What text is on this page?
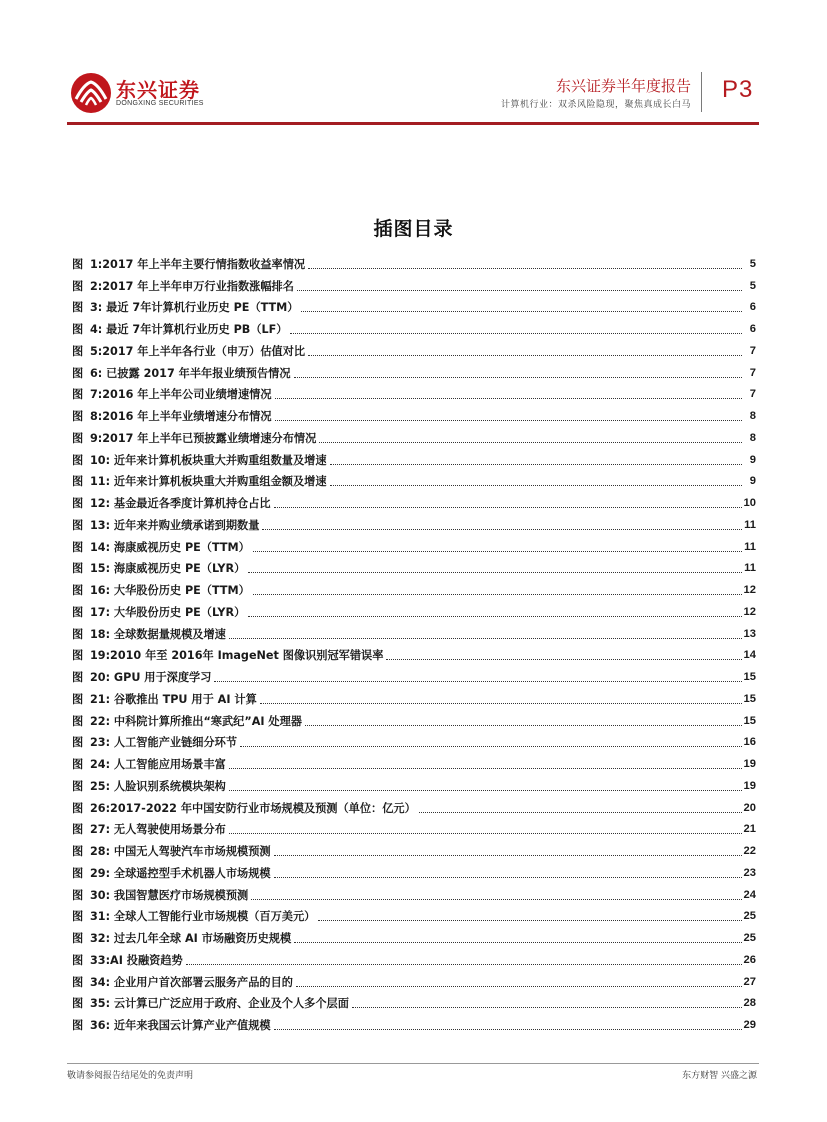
东兴证券
DONGXING SECURITIES
东兴证券半年度报告
计算机行业：双杀风险隐现，聚焦真成长白马
P3
插图目录
图 1:2017 年上半年主要行情指数收益率情况	5
图 2:2017 年上半年申万行业指数涨幅排名	5
图 3: 最近 7年计算机行业历史 PE（TTM）	6
图 4: 最近 7年计算机行业历史 PB（LF）	6
图 5:2017 年上半年各行业（申万）估值对比	7
图 6: 已披露 2017 年半年报业绩预告情况	7
图 7:2016 年上半年公司业绩增速情况	7
图 8:2016 年上半年业绩增速分布情况	8
图 9:2017 年上半年已预披露业绩增速分布情况	8
图 10: 近年来计算机板块重大并购重组数量及增速	9
图 11: 近年来计算机板块重大并购重组金额及增速	9
图 12: 基金最近各季度计算机持仓占比	10
图 13: 近年来并购业绩承诺到期数量	11
图 14: 海康威视历史 PE（TTM）	11
图 15: 海康威视历史 PE（LYR）	11
图 16: 大华股份历史 PE（TTM）	12
图 17: 大华股份历史 PE（LYR）	12
图 18: 全球数据量规模及增速	13
图 19:2010 年至 2016年 ImageNet 图像识别冠军错误率	14
图 20: GPU 用于深度学习	15
图 21: 谷歌推出 TPU 用于 AI 计算	15
图 22: 中科院计算所推出“寒武纪”AI 处理器	15
图 23: 人工智能产业链细分环节	16
图 24: 人工智能应用场景丰富	19
图 25: 人脸识别系统模块架构	19
图 26:2017-2022 年中国安防行业市场规模及预测（单位：亿元）	20
图 27: 无人驾驶使用场景分布	21
图 28: 中国无人驾驶汽车市场规模预测	22
图 29: 全球遥控型手术机器人市场规模	23
图 30: 我国智慧医疗市场规模预测	24
图 31: 全球人工智能行业市场规模（百万美元）	25
图 32: 过去几年全球 AI 市场融资历史规模	25
图 33:AI 投融资趋势	26
图 34: 企业用户首次部署云服务产品的目的	27
图 35: 云计算已广泛应用于政府、企业及个人多个层面	28
图 36: 近年来我国云计算产业产值规模	29
敬请参阅报告结尾处的免责声明	东方财智 兴盛之源
